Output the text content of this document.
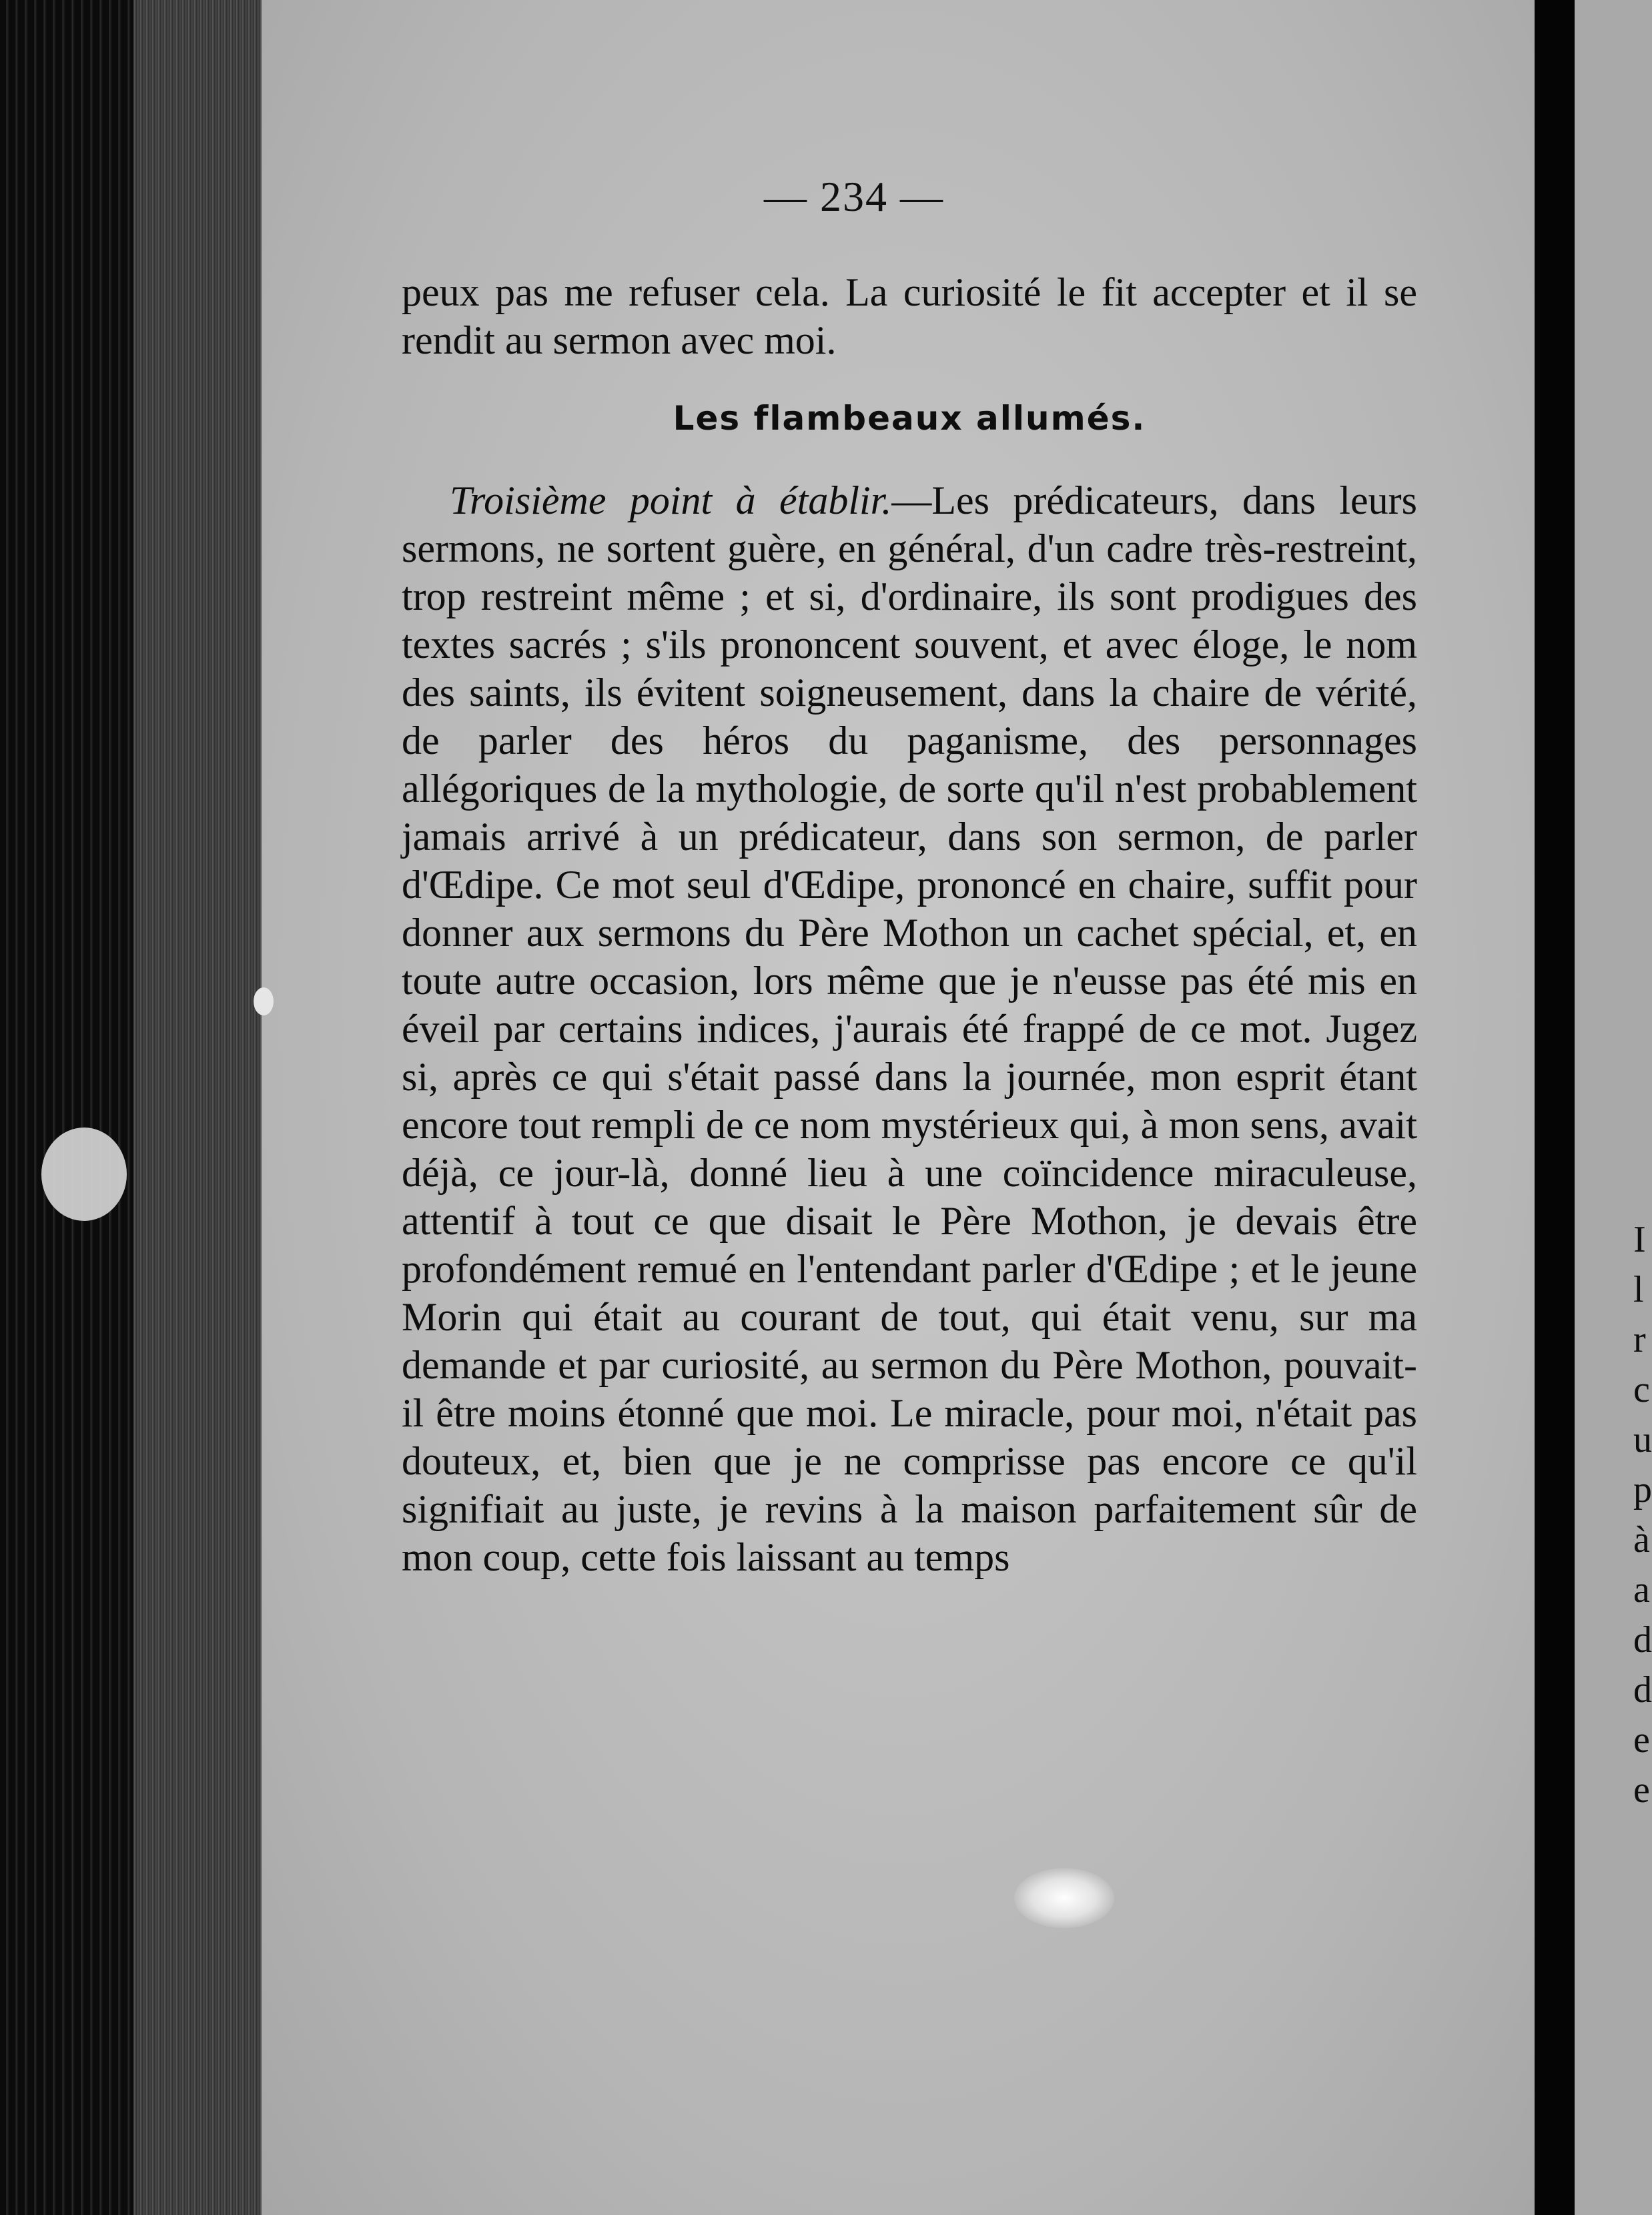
— 234 —

peux pas me refuser cela. La curiosité le fit accepter et il se rendit au sermon avec moi.

Les flambeaux allumés.

Troisième point à établir.—Les prédicateurs, dans leurs sermons, ne sortent guère, en général, d'un cadre très-restreint, trop restreint même ; et si, d'ordinaire, ils sont prodigues des textes sacrés ; s'ils prononcent souvent, et avec éloge, le nom des saints, ils évitent soigneusement, dans la chaire de vérité, de parler des héros du paganisme, des personnages allégoriques de la mythologie, de sorte qu'il n'est probablement jamais arrivé à un prédicateur, dans son sermon, de parler d'Œdipe. Ce mot seul d'Œdipe, prononcé en chaire, suffit pour donner aux sermons du Père Mothon un cachet spécial, et, en toute autre occasion, lors même que je n'eusse pas été mis en éveil par certains indices, j'aurais été frappé de ce mot. Jugez si, après ce qui s'était passé dans la journée, mon esprit étant encore tout rempli de ce nom mystérieux qui, à mon sens, avait déjà, ce jour-là, donné lieu à une coïncidence miraculeuse, attentif à tout ce que disait le Père Mothon, je devais être profondément remué en l'entendant parler d'Œdipe ; et le jeune Morin qui était au courant de tout, qui était venu, sur ma demande et par curiosité, au sermon du Père Mothon, pouvait-il être moins étonné que moi. Le miracle, pour moi, n'était pas douteux, et, bien que je ne comprisse pas encore ce qu'il signifiait au juste, je revins à la maison parfaitement sûr de mon coup, cette fois laissant au temps

I
l
r
c
u
p
à
a
d
d
e
e
